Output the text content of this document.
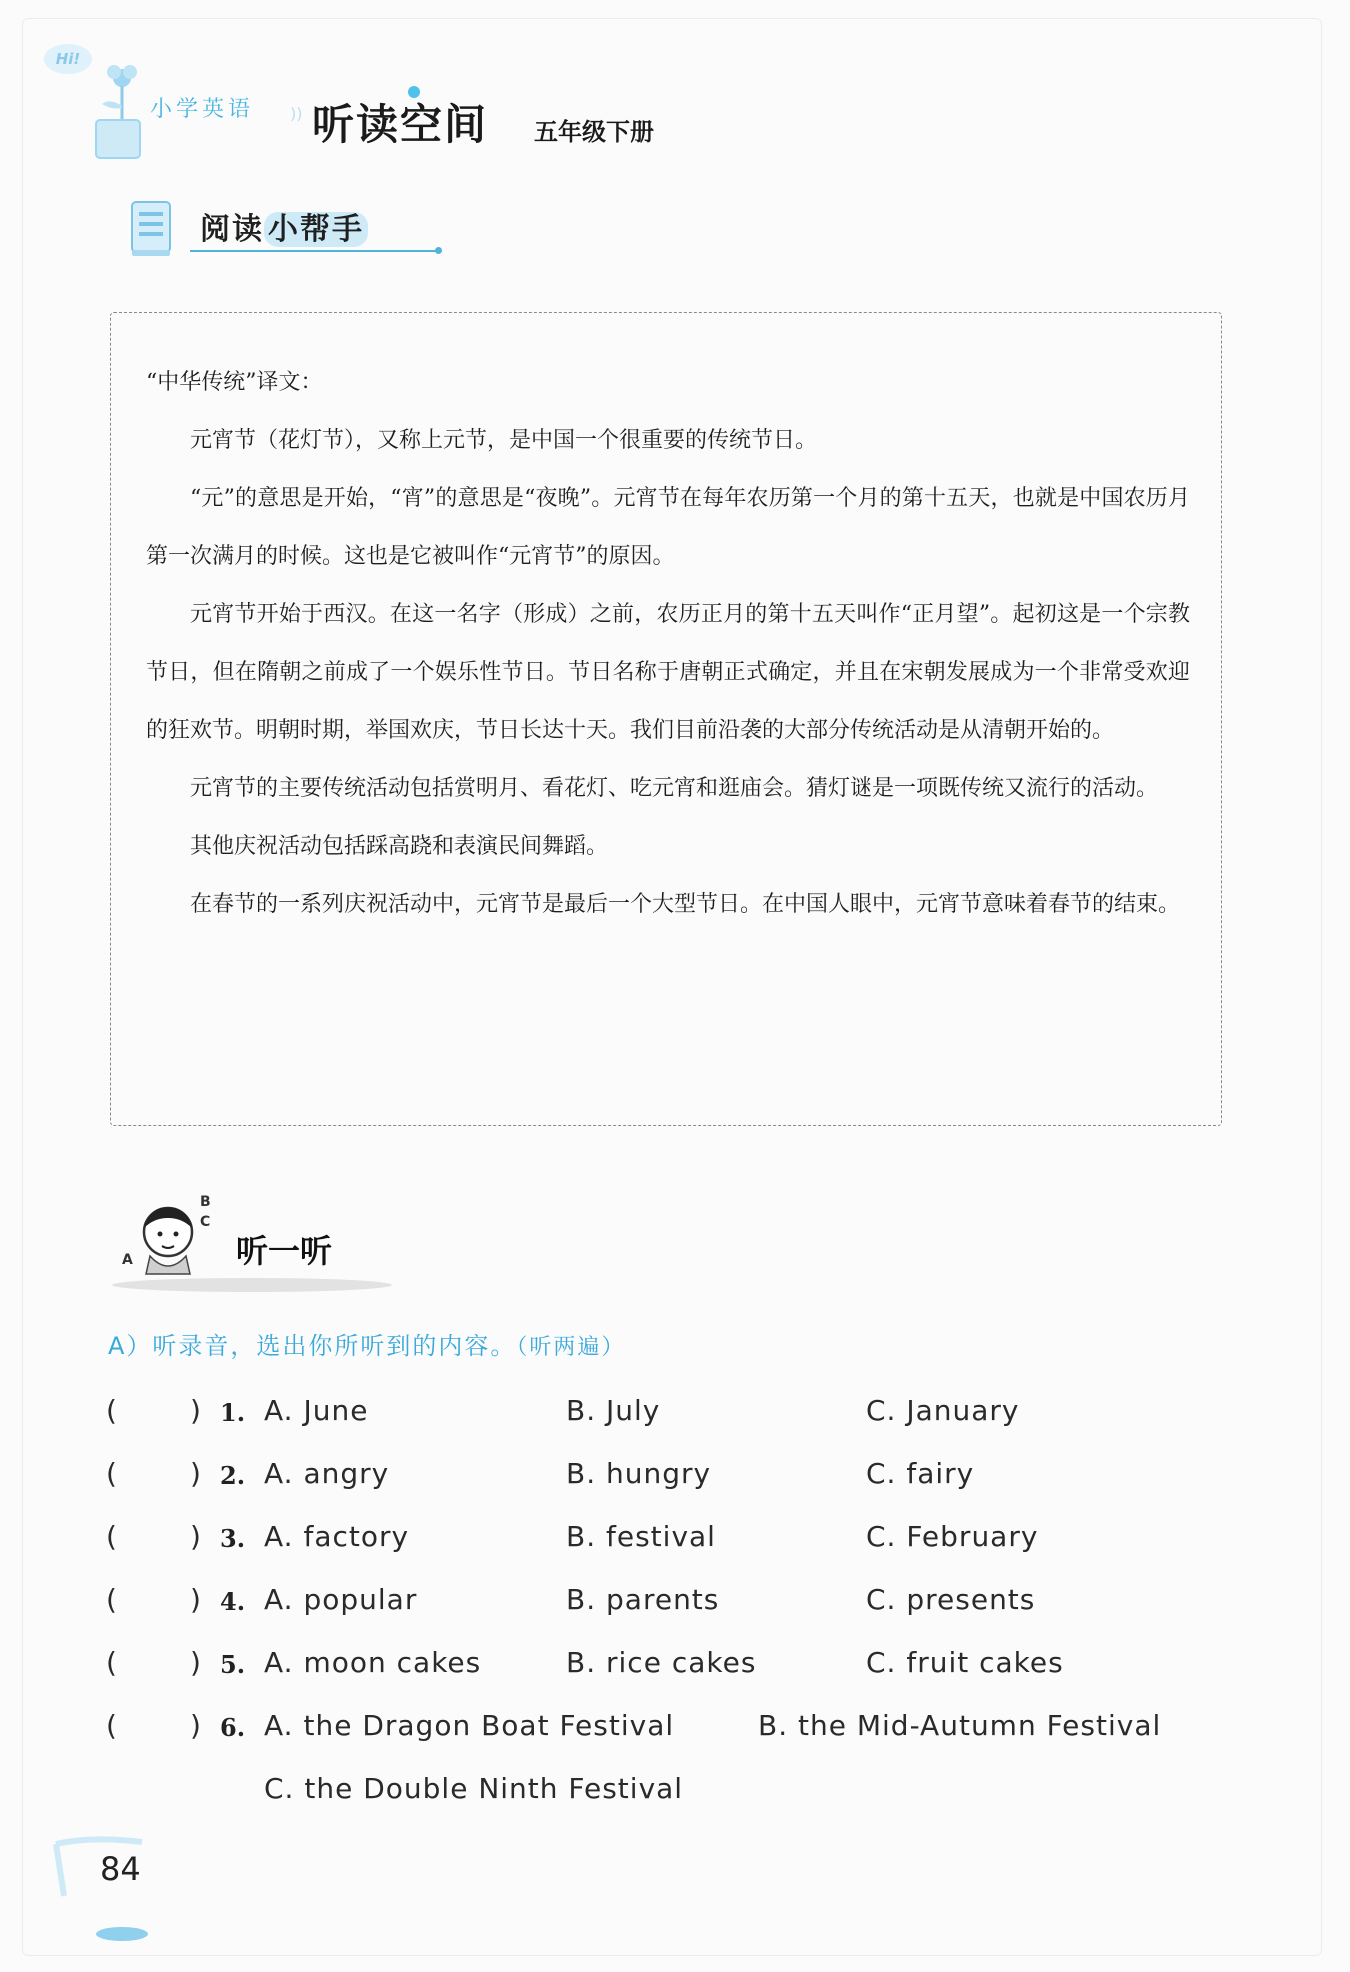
Hi!
小学英语 )) 听读空间 五年级下册
阅读 小帮手

“中华传统”译文：

元宵节（花灯节），又称上元节，是中国一个很重要的传统节日。

“元”的意思是开始，“宵”的意思是“夜晚”。元宵节在每年农历第一个月的第十五天，也就是中国农历月第一次满月的时候。这也是它被叫作“元宵节”的原因。

元宵节开始于西汉。在这一名字（形成）之前，农历正月的第十五天叫作“正月望”。起初这是一个宗教节日，但在隋朝之前成了一个娱乐性节日。节日名称于唐朝正式确定，并且在宋朝发展成为一个非常受欢迎的狂欢节。明朝时期，举国欢庆，节日长达十天。我们目前沿袭的大部分传统活动是从清朝开始的。

元宵节的主要传统活动包括赏明月、看花灯、吃元宵和逛庙会。猜灯谜是一项既传统又流行的活动。

其他庆祝活动包括踩高跷和表演民间舞蹈。

在春节的一系列庆祝活动中，元宵节是最后一个大型节日。在中国人眼中，元宵节意味着春节的结束。

A
B
C
听一听
A）听录音，选出你所听到的内容。（听两遍）
(	) 1. A. June	B. July	C. January
(	) 2. A. angry	B. hungry	C. fairy
(	) 3. A. factory	B. festival	C. February
(	) 4. A. popular	B. parents	C. presents
(	) 5. A. moon cakes	B. rice cakes	C. fruit cakes
(	) 6. A. the Dragon Boat Festival	B. the Mid-Autumn Festival
C. the Double Ninth Festival
84
